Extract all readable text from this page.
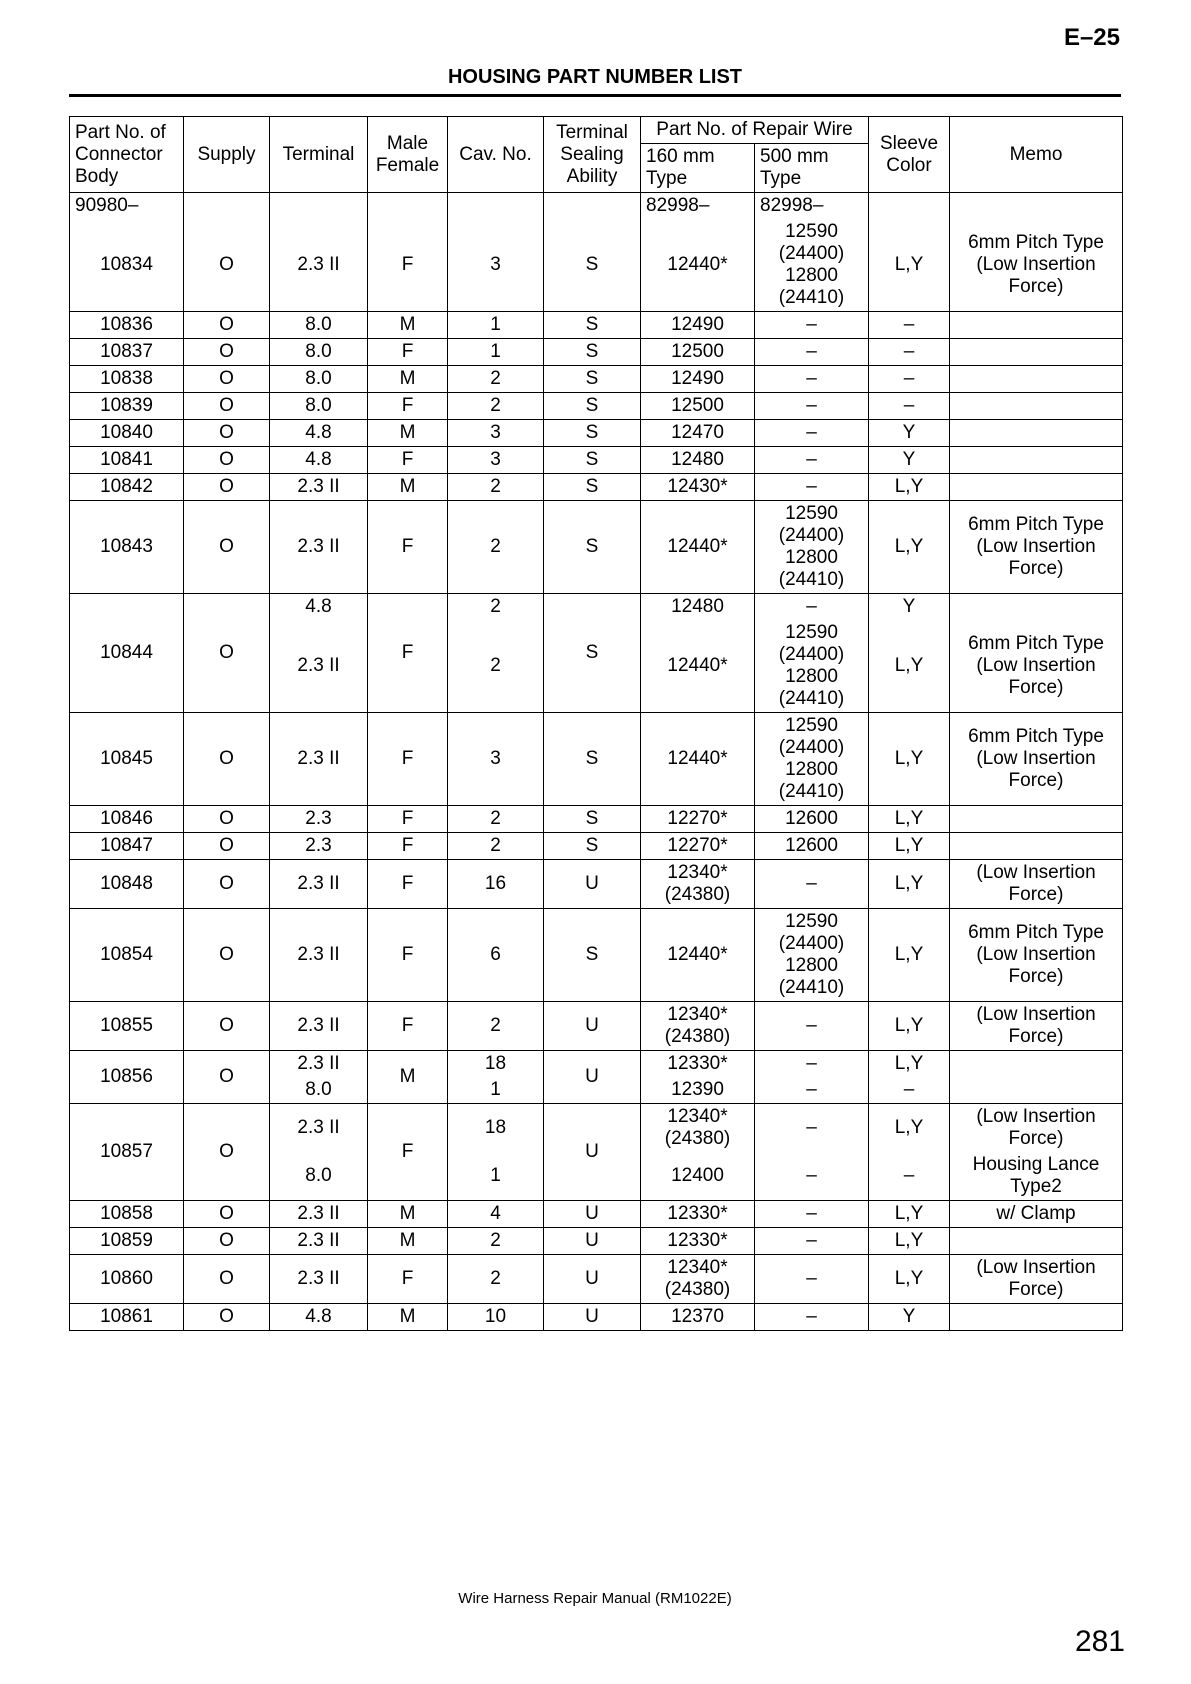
E–25
HOUSING PART NUMBER LIST
Part No. of Connector Body	Supply	Terminal	Male Female	Cav. No.	Terminal Sealing Ability	Part No. of Repair Wire		Sleeve Color	Memo
						160 mm Type	500 mm Type		
90980–						82998–	82998–		
10834	O	2.3 II	F	3	S	12440*	12590
(24400)
12800
(24410)	L,Y	6mm Pitch Type
(Low Insertion
Force)

10836	O	8.0	M	1	S	12490	–	–	
10837	O	8.0	F	1	S	12500	–	–	
10838	O	8.0	M	2	S	12490	–	–	
10839	O	8.0	F	2	S	12500	–	–	
10840	O	4.8	M	3	S	12470	–	Y	
10841	O	4.8	F	3	S	12480	–	Y	
10842	O	2.3 II	M	2	S	12430*	–	L,Y	
10843	O	2.3 II	F	2	S	12440*	12590
(24400)
12800
(24410)	L,Y	6mm Pitch Type
(Low Insertion
Force)

10844	O	4.8	F	2	S	12480	–	Y	
		2.3 II		2		12440*	12590
(24400)
12800
(24410)	L,Y	6mm Pitch Type
(Low Insertion
Force)

10845	O	2.3 II	F	3	S	12440*	12590
(24400)
12800
(24410)	L,Y	6mm Pitch Type
(Low Insertion
Force)

10846	O	2.3	F	2	S	12270*	12600	L,Y	
10847	O	2.3	F	2	S	12270*	12600	L,Y	
10848	O	2.3 II	F	16	U	12340*
(24380)	–	L,Y	(Low Insertion
Force)

10854	O	2.3 II	F	6	S	12440*	12590
(24400)
12800
(24410)	L,Y	6mm Pitch Type
(Low Insertion
Force)

10855	O	2.3 II	F	2	U	12340*
(24380)	–	L,Y	(Low Insertion
Force)

10856	O	2.3 II	M	18	U	12330*	–	L,Y	
		8.0		1		12390	–	–	
10857	O	2.3 II	F	18	U	12340*
(24380)	–	L,Y	(Low Insertion
Force)

		8.0		1		12400	–	–	Housing Lance
Type2

10858	O	2.3 II	M	4	U	12330*	–	L,Y	w/ Clamp

10859	O	2.3 II	M	2	U	12330*	–	L,Y	
10860	O	2.3 II	F	2	U	12340*
(24380)	–	L,Y	(Low Insertion
Force)

10861	O	4.8	M	10	U	12370	–	Y	
Wire Harness Repair Manual (RM1022E)
281
